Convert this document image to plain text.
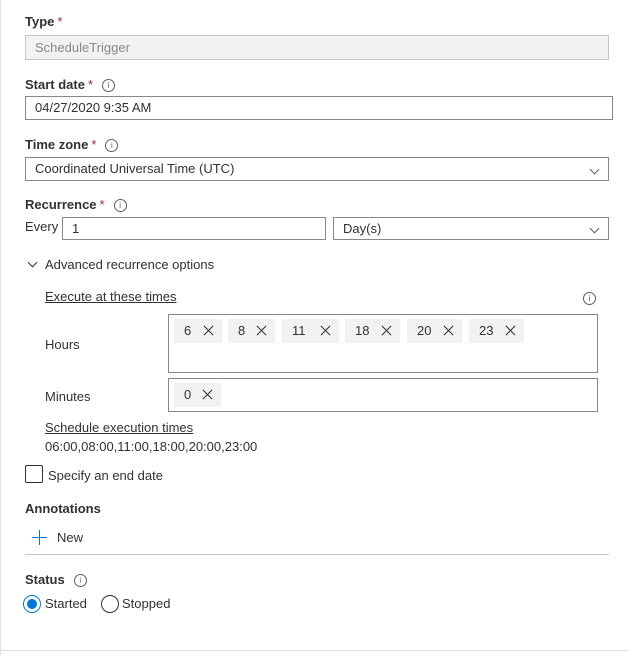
Type *
ScheduleTrigger
Start date * i
04/27/2020 9:35 AM
Time zone * i
Coordinated Universal Time (UTC)
Recurrence * i
Every	1	Day(s)
Advanced recurrence options
Execute at these times	i
Hours
6	8	11	18	20	23
Minutes	0
Schedule execution times
06:00,08:00,11:00,18:00,20:00,23:00
Specify an end date
Annotations
New
Status i
Started	Stopped
